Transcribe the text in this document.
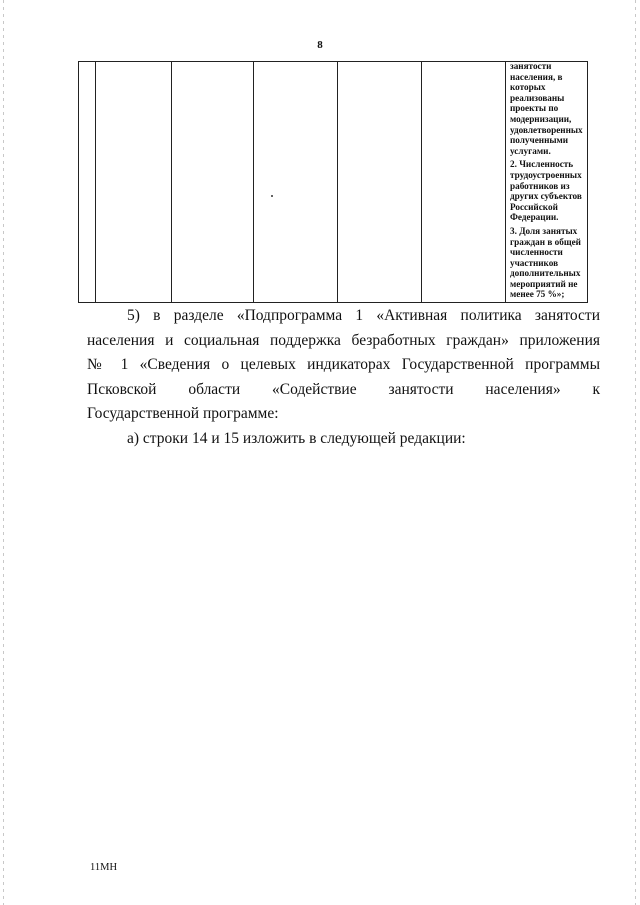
8

занятости населения, в которых реализованы проекты по модернизации, удовлетворенных полученными услугами.

2. Численность трудоустроенных работников из других субъектов Российской Федерации.

3. Доля занятых граждан в общей численности участников дополнительных мероприятий не менее 75 %»;

5) в разделе «Подпрограмма 1 «Активная политика занятости
населения и социальная поддержка безработных граждан» приложения
№ 1 «Сведения о целевых индикаторах Государственной программы
Псковской области «Содействие занятости населения» к
Государственной программе:

а) строки 14 и 15 изложить в следующей редакции:

11МН
